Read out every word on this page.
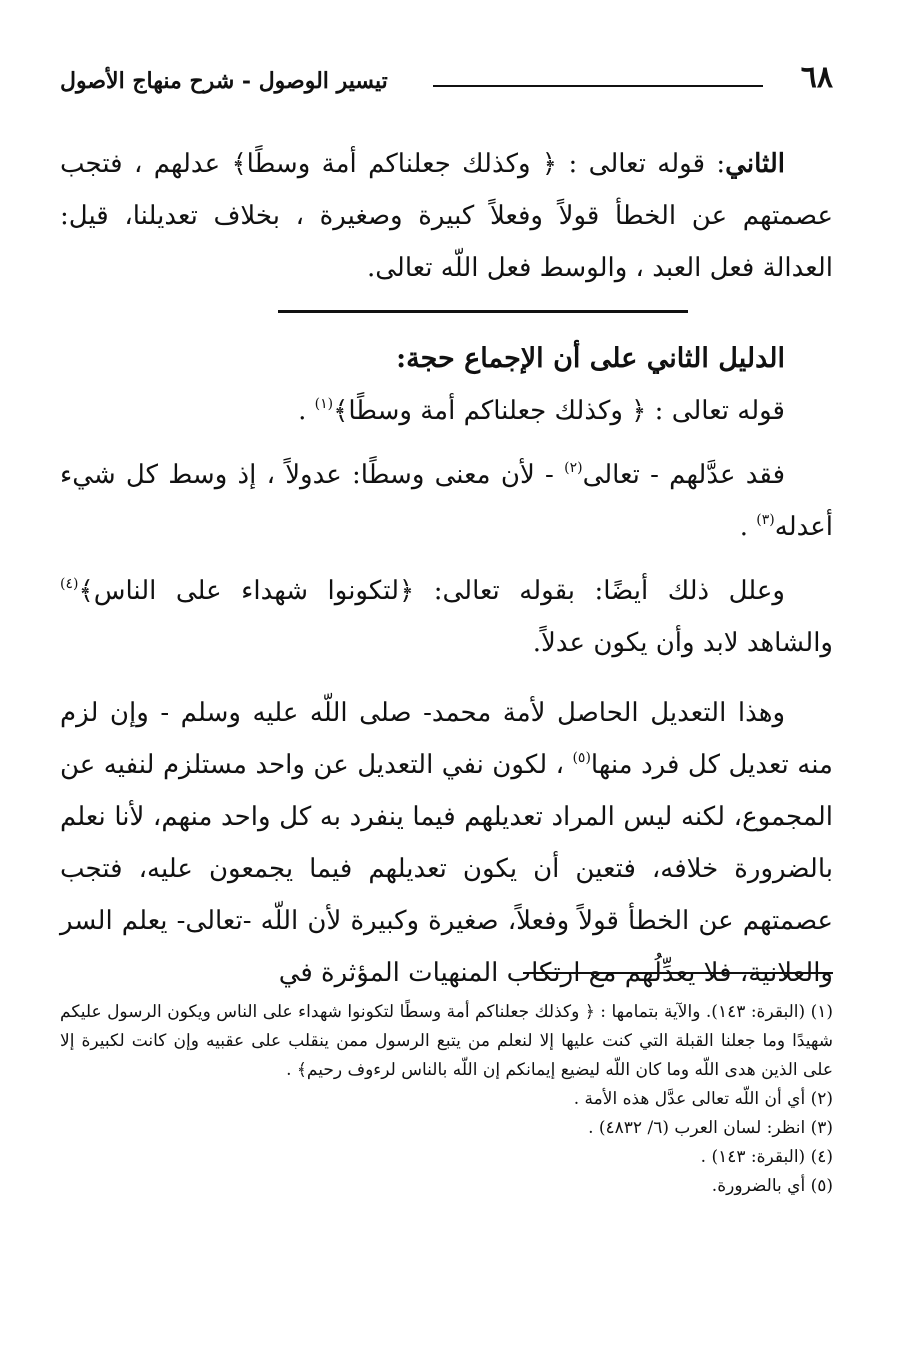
٦٨
تيسير الوصول - شرح منهاج الأصول

الثاني: قوله تعالى : ﴿ وكذلك جعلناكم أمة وسطًا﴾ عدلهم ، فتجب عصمتهم عن الخطأ قولاً وفعلاً كبيرة وصغيرة ، بخلاف تعديلنا، قيل: العدالة فعل العبد ، والوسط فعل اللّه تعالى.

الدليل الثاني على أن الإجماع حجة:

قوله تعالى : ﴿ وكذلك جعلناكم أمة وسطًا﴾$^{(١)}$ .

فقد عدَّلهم - تعالى$^{(٢)}$ - لأن معنى وسطًا: عدولاً ، إذ وسط كل شيء أعدله$^{(٣)}$ .

وعلل ذلك أيضًا: بقوله تعالى: ﴿لتكونوا شهداء على الناس﴾$^{(٤)}$ والشاهد لابد وأن يكون عدلاً.

وهذا التعديل الحاصل لأمة محمد- صلى اللّه عليه وسلم - وإن لزم منه تعديل كل فرد منها$^{(٥)}$ ، لكون نفي التعديل عن واحد مستلزم لنفيه عن المجموع، لكنه ليس المراد تعديلهم فيما ينفرد به كل واحد منهم، لأنا نعلم بالضرورة خلافه، فتعين أن يكون تعديلهم فيما يجمعون عليه، فتجب عصمتهم عن الخطأ قولاً وفعلاً، صغيرة وكبيرة لأن اللّه -تعالى- يعلم السر والعلانية، فلا يعدِّلُهم مع ارتكاب المنهيات المؤثرة في

(١) (البقرة: ١٤٣). والآية بتمامها : ﴿ وكذلك جعلناكم أمة وسطًا لتكونوا شهداء على الناس ويكون الرسول عليكم شهيدًا وما جعلنا القبلة التي كنت عليها إلا لنعلم من يتبع الرسول ممن ينقلب على عقبيه وإن كانت لكبيرة إلا على الذين هدى اللّه وما كان اللّه ليضيع إيمانكم إن اللّه بالناس لرءوف رحيم﴾ .

(٢) أي أن اللّه تعالى عدَّل هذه الأمة .

(٣) انظر: لسان العرب (٦/ ٤٨٣٢) .

(٤) (البقرة: ١٤٣) .

(٥) أي بالضرورة.
